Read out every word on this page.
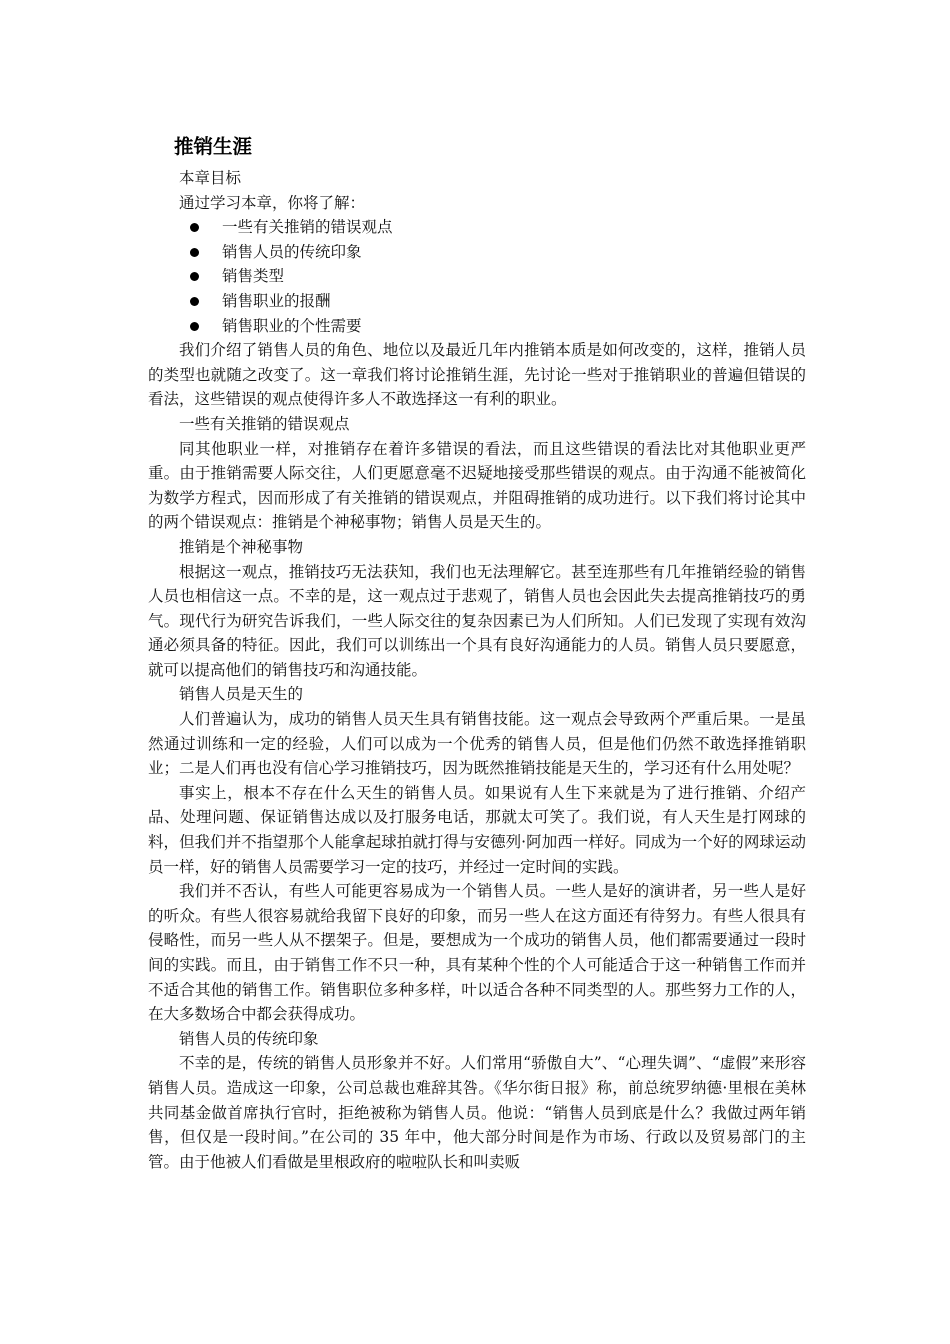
推销生涯

本章目标

通过学习本章，你将了解：

一些有关推销的错误观点
销售人员的传统印象
销售类型
销售职业的报酬
销售职业的个性需要

我们介绍了销售人员的角色、地位以及最近几年内推销本质是如何改变的，这样，推销人员的类型也就随之改变了。这一章我们将讨论推销生涯，先讨论一些对于推销职业的普遍但错误的看法，这些错误的观点使得许多人不敢选择这一有利的职业。

一些有关推销的错误观点

同其他职业一样，对推销存在着许多错误的看法，而且这些错误的看法比对其他职业更严重。由于推销需要人际交往，人们更愿意毫不迟疑地接受那些错误的观点。由于沟通不能被简化为数学方程式，因而形成了有关推销的错误观点，并阻碍推销的成功进行。以下我们将讨论其中的两个错误观点：推销是个神秘事物；销售人员是天生的。

推销是个神秘事物

根据这一观点，推销技巧无法获知，我们也无法理解它。甚至连那些有几年推销经验的销售人员也相信这一点。不幸的是，这一观点过于悲观了，销售人员也会因此失去提高推销技巧的勇气。现代行为研究告诉我们，一些人际交往的复杂因素已为人们所知。人们已发现了实现有效沟通必须具备的特征。因此，我们可以训练出一个具有良好沟通能力的人员。销售人员只要愿意，就可以提高他们的销售技巧和沟通技能。

销售人员是天生的

人们普遍认为，成功的销售人员天生具有销售技能。这一观点会导致两个严重后果。一是虽然通过训练和一定的经验，人们可以成为一个优秀的销售人员，但是他们仍然不敢选择推销职业；二是人们再也没有信心学习推销技巧，因为既然推销技能是天生的，学习还有什么用处呢？

事实上，根本不存在什么天生的销售人员。如果说有人生下来就是为了进行推销、介绍产品、处理问题、保证销售达成以及打服务电话，那就太可笑了。我们说，有人天生是打网球的料，但我们并不指望那个人能拿起球拍就打得与安德列·阿加西一样好。同成为一个好的网球运动员一样，好的销售人员需要学习一定的技巧，并经过一定时间的实践。

我们并不否认，有些人可能更容易成为一个销售人员。一些人是好的演讲者，另一些人是好的听众。有些人很容易就给我留下良好的印象，而另一些人在这方面还有待努力。有些人很具有侵略性，而另一些人从不摆架子。但是，要想成为一个成功的销售人员，他们都需要通过一段时间的实践。而且，由于销售工作不只一种，具有某种个性的个人可能适合于这一种销售工作而并不适合其他的销售工作。销售职位多种多样，叶以适合各种不同类型的人。那些努力工作的人，在大多数场合中都会获得成功。

销售人员的传统印象

不幸的是，传统的销售人员形象并不好。人们常用“骄傲自大”、“心理失调”、“虚假”来形容销售人员。造成这一印象，公司总裁也难辞其咎。《华尔街日报》称，前总统罗纳德·里根在美林共同基金做首席执行官时，拒绝被称为销售人员。他说：“销售人员到底是什么？我做过两年销售，但仅是一段时间。”在公司的 35 年中，他大部分时间是作为市场、行政以及贸易部门的主管。由于他被人们看做是里根政府的啦啦队长和叫卖贩
